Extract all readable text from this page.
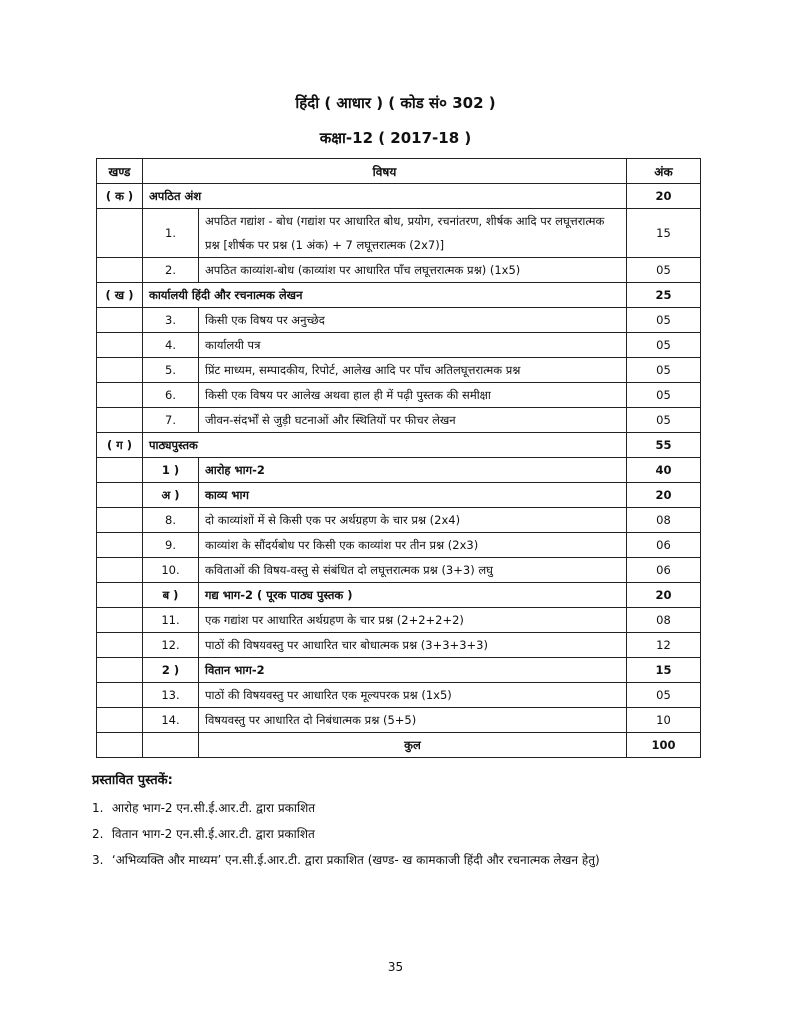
हिंदी ( आधार ) ( कोड सं० 302 )
कक्षा-12 ( 2017-18 )
खण्ड	विषय		अंक
( क )	अपठित अंश		20
	1.	अपठित गद्यांश - बोध (गद्यांश पर आधारित बोध, प्रयोग, रचनांतरण, शीर्षक आदि पर लघूत्तरात्मक प्रश्न [शीर्षक पर प्रश्न (1 अंक) + 7 लघूत्तरात्मक (2x7)]	15
	2.	अपठित काव्यांश-बोध (काव्यांश पर आधारित पाँच लघूत्तरात्मक प्रश्न) (1x5)	05
( ख )	कार्यालयी हिंदी और रचनात्मक लेखन		25
	3.	किसी एक विषय पर अनुच्छेद	05
	4.	कार्यालयी पत्र	05
	5.	प्रिंट माध्यम, सम्पादकीय, रिपोर्ट, आलेख आदि पर पाँच अतिलघूत्तरात्मक प्रश्न	05
	6.	किसी एक विषय पर आलेख अथवा हाल ही में पढ़ी पुस्तक की समीक्षा	05
	7.	जीवन-संदर्भों से जुड़ी घटनाओं और स्थितियों पर फीचर लेखन	05
( ग )	पाठ्यपुस्तक		55
	1 )	आरोह भाग-2	40
	अ )	काव्य भाग	20
	8.	दो काव्यांशों में से किसी एक पर अर्थग्रहण के चार प्रश्न (2x4)	08
	9.	काव्यांश के सौंदर्यबोध पर किसी एक काव्यांश पर तीन प्रश्न (2x3)	06
	10.	कविताओं की विषय-वस्तु से संबंधित दो लघूत्तरात्मक प्रश्न (3+3) लघु	06
	ब )	गद्य भाग-2 ( पूरक पाठ्य पुस्तक )	20
	11.	एक गद्यांश पर आधारित अर्थग्रहण के चार प्रश्न (2+2+2+2)	08
	12.	पाठों की विषयवस्तु पर आधारित चार बोधात्मक प्रश्न (3+3+3+3)	12
	2 )	वितान भाग-2	15
	13.	पाठों की विषयवस्तु पर आधारित एक मूल्यपरक प्रश्न (1x5)	05
	14.	विषयवस्तु पर आधारित दो निबंधात्मक प्रश्न (5+5)	10
		कुल	100
प्रस्तावित पुस्तकें:
1. आरोह भाग-2 एन.सी.ई.आर.टी. द्वारा प्रकाशित
2. वितान भाग-2 एन.सी.ई.आर.टी. द्वारा प्रकाशित
3. ‘अभिव्यक्ति और माध्यम’ एन.सी.ई.आर.टी. द्वारा प्रकाशित (खण्ड- ख कामकाजी हिंदी और रचनात्मक लेखन हेतु)
35
